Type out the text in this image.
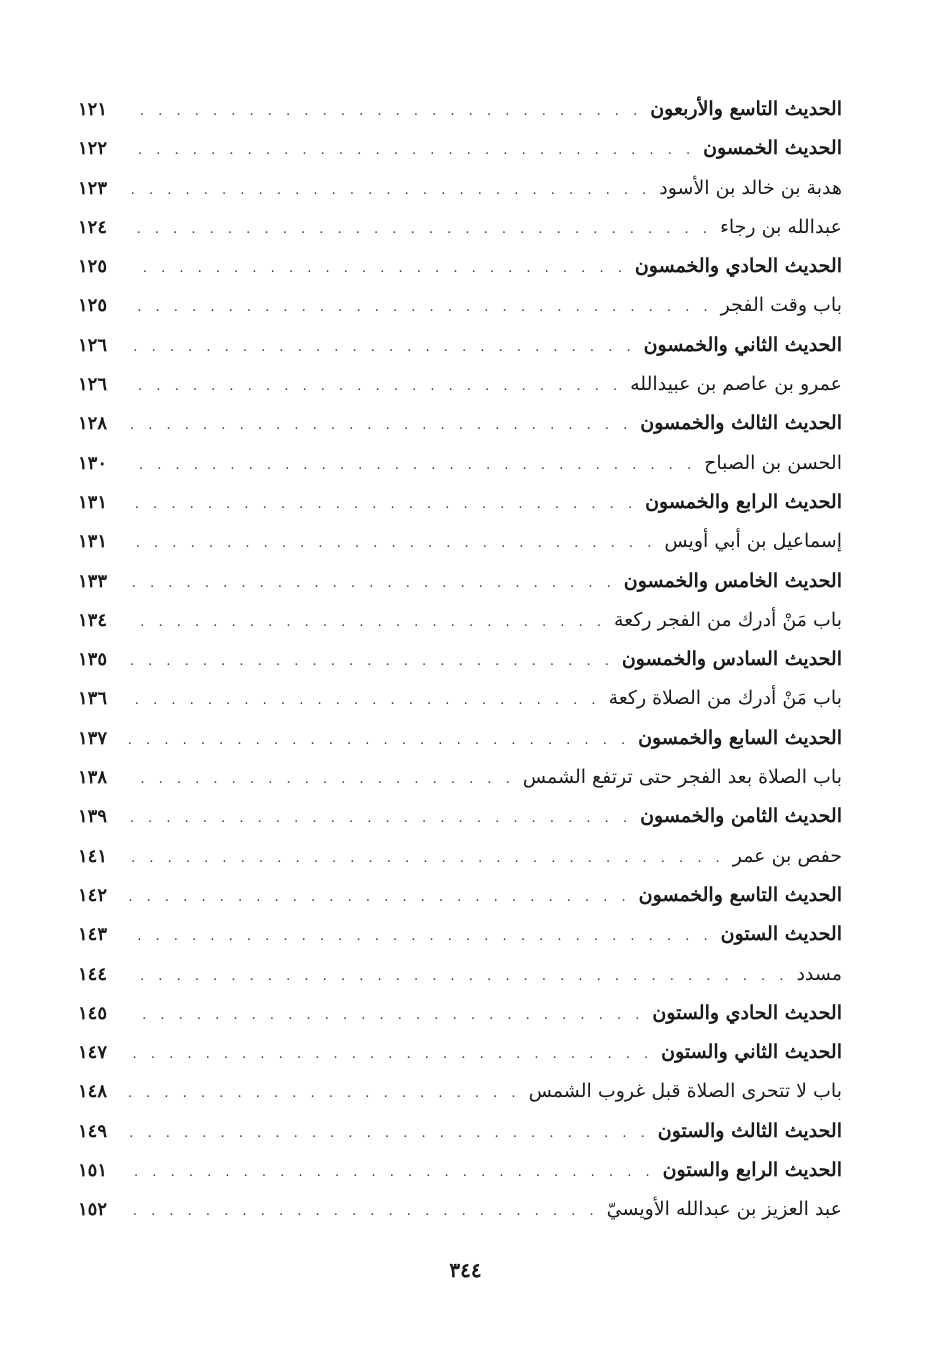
الحديث التاسع والأربعون
. . .
١٢١
الحديث الخمسون
. . .
١٢٢
هدبة بن خالد بن الأسود
. . .
١٢٣
عبدالله بن رجاء
. . .
١٢٤
الحديث الحادي والخمسون
. . .
١٢٥
باب وقت الفجر
. . .
١٢٥
الحديث الثاني والخمسون
. . .
١٢٦
عمرو بن عاصم بن عبيدالله
. . .
١٢٦
الحديث الثالث والخمسون
. . .
١٢٨
الحسن بن الصباح
. . .
١٣٠
الحديث الرابع والخمسون
. . .
١٣١
إسماعيل بن أبي أويس
. . .
١٣١
الحديث الخامس والخمسون
. . .
١٣٣
باب مَنْ أدرك من الفجر ركعة
. . .
١٣٤
الحديث السادس والخمسون
. . .
١٣٥
باب مَنْ أدرك من الصلاة ركعة
. . .
١٣٦
الحديث السابع والخمسون
. . .
١٣٧
باب الصلاة بعد الفجر حتى ترتفع الشمس
. . .
١٣٨
الحديث الثامن والخمسون
. . .
١٣٩
حفص بن عمر
. . .
١٤١
الحديث التاسع والخمسون
. . .
١٤٢
الحديث الستون
. . .
١٤٣
مسدد
. . .
١٤٤
الحديث الحادي والستون
. . .
١٤٥
الحديث الثاني والستون
. . .
١٤٧
باب لا تتحرى الصلاة قبل غروب الشمس
. . .
١٤٨
الحديث الثالث والستون
. . .
١٤٩
الحديث الرابع والستون
. . .
١٥١
عبد العزيز بن عبدالله الأويسيّ
. . .
١٥٢
٣٤٤
